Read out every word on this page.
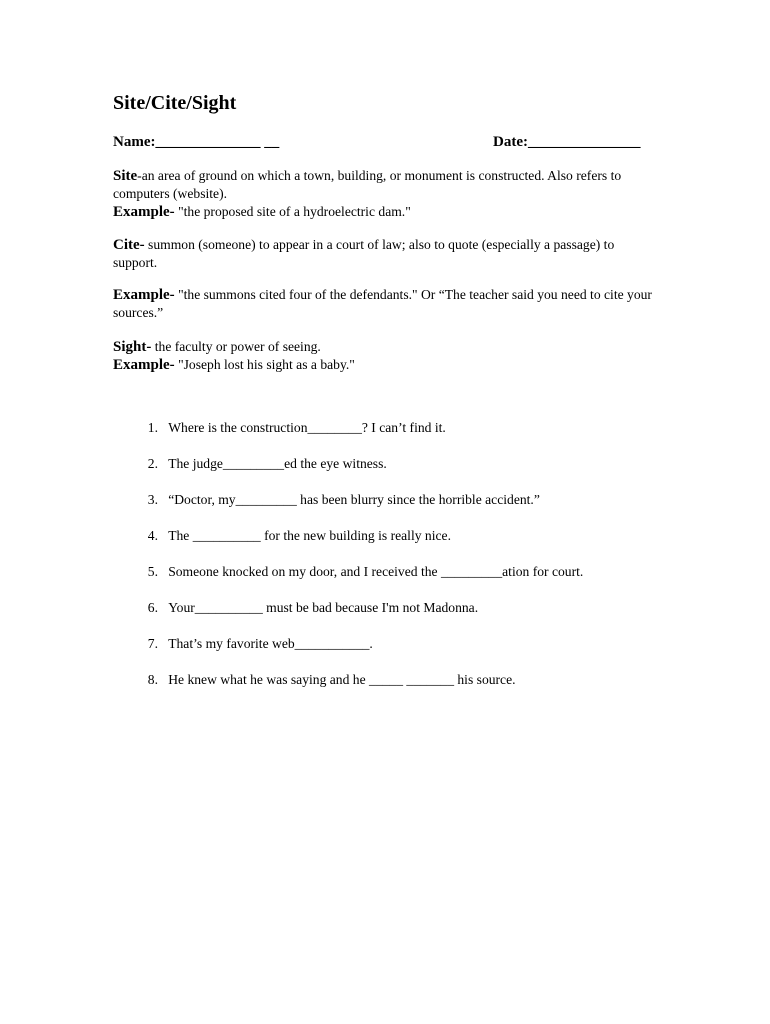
Site/Cite/Sight
Name:______________ __	Date:_______________
Site-an area of ground on which a town, building, or monument is constructed. Also refers to computers (website).
Example- "the proposed site of a hydroelectric dam."
Cite- summon (someone) to appear in a court of law; also to quote (especially a passage) to support.
Example- "the summons cited four of the defendants." Or “The teacher said you need to cite your sources.”
Sight- the faculty or power of seeing.
Example- "Joseph lost his sight as a baby."
1. Where is the construction________? I can’t find it.
2. The judge_________ed the eye witness.
3. “Doctor, my_________ has been blurry since the horrible accident.”
4. The __________ for the new building is really nice.
5. Someone knocked on my door, and I received the _________ation for court.
6. Your__________ must be bad because I'm not Madonna.
7. That’s my favorite web___________.
8. He knew what he was saying and he _____ _______ his source.
